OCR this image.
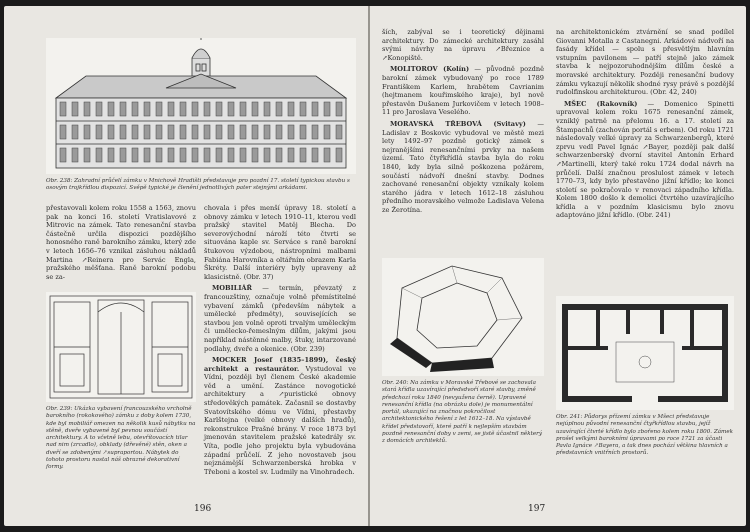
Obr. 238: Zahradní průčelí zámku v Mnichově Hradišti představuje pro pozdní 17. století typickou stavbu s osovým trojkřídlou dispozicí. Svěpě typické je členění jednotlivých pater stejnými arkádami.
přestavovali kolem roku 1558 a 1563, znovu pak na konci 16. století Vratislavové z Mitrovic na zámek. Tato renesanční stavba částečně určila dispozici pozdějšího honosného raně barokního zámku, který zde v letech 1656–76 vznikal zásluhou nákladů Martina ↗Reinera pro Servác Engla, pražského měšťana. Raně barokní podobu se za-

chovala i přes menší úpravy 18. století a obnovy zámku v letech 1910–11, kterou vedl pražský stavitel Matěj Blecha. Do severovýchodní nároží této čtvrti se situována kaple sv. Serváce s raně barokní štukovou výzdobou, nástropními malbami Fabiána Harovníka a oltářním obrazem Karla Škréty. Další interiéry byly upraveny až klasicistně. (Obr. 37)

MOBILIÁŘ — termín, převzatý z francouzštiny, označuje volně přemístitelné vybavení zámků (především nábytek a umělecké předměty), souvisejících se stavbou jen volně oproti trvalým uměleckým či umělecko-řemeslným dílům, jakými jsou například nástěnné malby, štuky, intarzované podlahy, dveře a okenice. (Obr. 239)

MOCKER Josef (1835–1899), český architekt a restaurátor. Vystudoval ve Vídni, později byl členem České akademie věd a umění. Zastánce novogotické architektury a ↗puristické obnovy středověkých památek. Začasnil se dostavby Svatovítského dómu ve Vídni, přestavby Karlštejna (velké obnovy dalších hradů), rekonstrukce Prašné brány. V roce 1873 byl jmenován stavitelem pražské katedrály sv. Víta, podle jeho projektu byla vybudována západní průčelí. Z jeho novostaveb jsou nejznámější Schwarzenberská hrobka v Třeboni a kostel sv. Ludmily na Vinohradech.

Obr. 239: Ukázka vybavení francouzského vrcholně barokního (rokokového) zámku z doby kolem 1730, kde byl mobiliář omezen na několik kusů nábytku na stěně, dveře vybavené byl pevnou součástí architektury. A to včetně lebu, otevřítovacích tilar nad nim (zrcadlo), obklady (dřevěné) stěn, oken a dveří se zdobenými ↗supraportou. Nábytek do tohoto prostoru nastal náš obrazné dekorativní formy.
196

ších, zabýval se i teoretický dějinami architektury. Do zámecké architektury zasáhl svými návrhy na úpravu ↗Březnice a ↗Konopiště.

MOLITOROV (Kolín) — původně pozdně barokní zámek vybudovaný po roce 1789 Františkem Karlem, hrabětem Cavrianim (hejtmanem kouřimského kraje), byl nově přestavěn Dušanem Jurkovičem v letech 1908–11 pro Jaroslava Veselého.

MORAVSKÁ TŘEBOVÁ (Svitavy) — Ladislav z Boskovic vybudoval ve městě mezi lety 1492–97 pozdně gotický zámek s nejranějšími renesančními prvky na našem území. Tato čtyřkřídlá stavba byla do roku 1840, kdy byla silně poškozena požárem, součástí nádvoří dnešní stavby. Dodnes zachované renesanční objekty vznikaly kolem starého jádra v letech 1612–18 zásluhou předního moravského velmože Ladislava Velena ze Žerotína.

Obr. 240: Na zámku v Moravské Třebové se zachovala stará křídla uzavírající předsdvoří staré stavby, změně předchozí roku 1840 (nevyužena černě). Upravené renesanční křídla (na obrázku dole) je monumentální portál, ukazující na značnou pokročilost architektonického řešení z let 1612–18. Na výstavbě křídel předstovoří, které patří k nejlepším stavbám pozdně renesanční doby v zemi, se jistě účastnil některý z domácích architektů.

na architektonickém ztvárnění se snad podílel Giovanni Motalla z Castanegni. Arkádové nádvoří na fasády křídel — spolu s přesvětlým hlavním vstupním pavilonem — patří stejně jako zámek stavba k nejpozoruhodnějším dílům české a moravské architektury. Později renesanční budovy zámku vykazují několik shodné rysy právě s pozdější rudolfinskou architekturou. (Obr. 42, 240)

MŠEC (Rakovník) — Domenico Spinetti upravoval kolem roku 1675 renesanční zámek, vzniklý patrně na přelomu 16. a 17. století za Štampachů (zachován portál s erbem). Od roku 1721 následovaly velké úpravy za Schwarzenbergů, které zprvu vedl Pavel Ignác ↗Bayer, později pak další schwarzenberský dvorní stavitel Antonín Erhard ↗Martinelli, který také roku 1724 dodal návrh na průčelí. Další značnou proslulost zámek v letech 1770–73, kdy bylo přestavěno jižní křídlo; ke konci století se pokračovalo v renovaci západního křídla. Kolem 1800 došlo k demolici čtvrtého uzavírajícího křídla a v pozdním klasicismu bylo znovu adaptováno jižní křídlo. (Obr. 241)

Obr. 241: Půdorys přízemí zámku v Mšeci představuje nejúplnou původní renesanční čtyřkřídlou stavbu, jejíž uzavírající čtvrté křídlo bylo zbořeno kolem roku 1800. Zámek prošel velkými barokními úpravami po roce 1721 za účasti Pavla Ignáce ↗Bayera, a tak dnes pochází většina hlavních a představních vnitřních prostorů.
197
